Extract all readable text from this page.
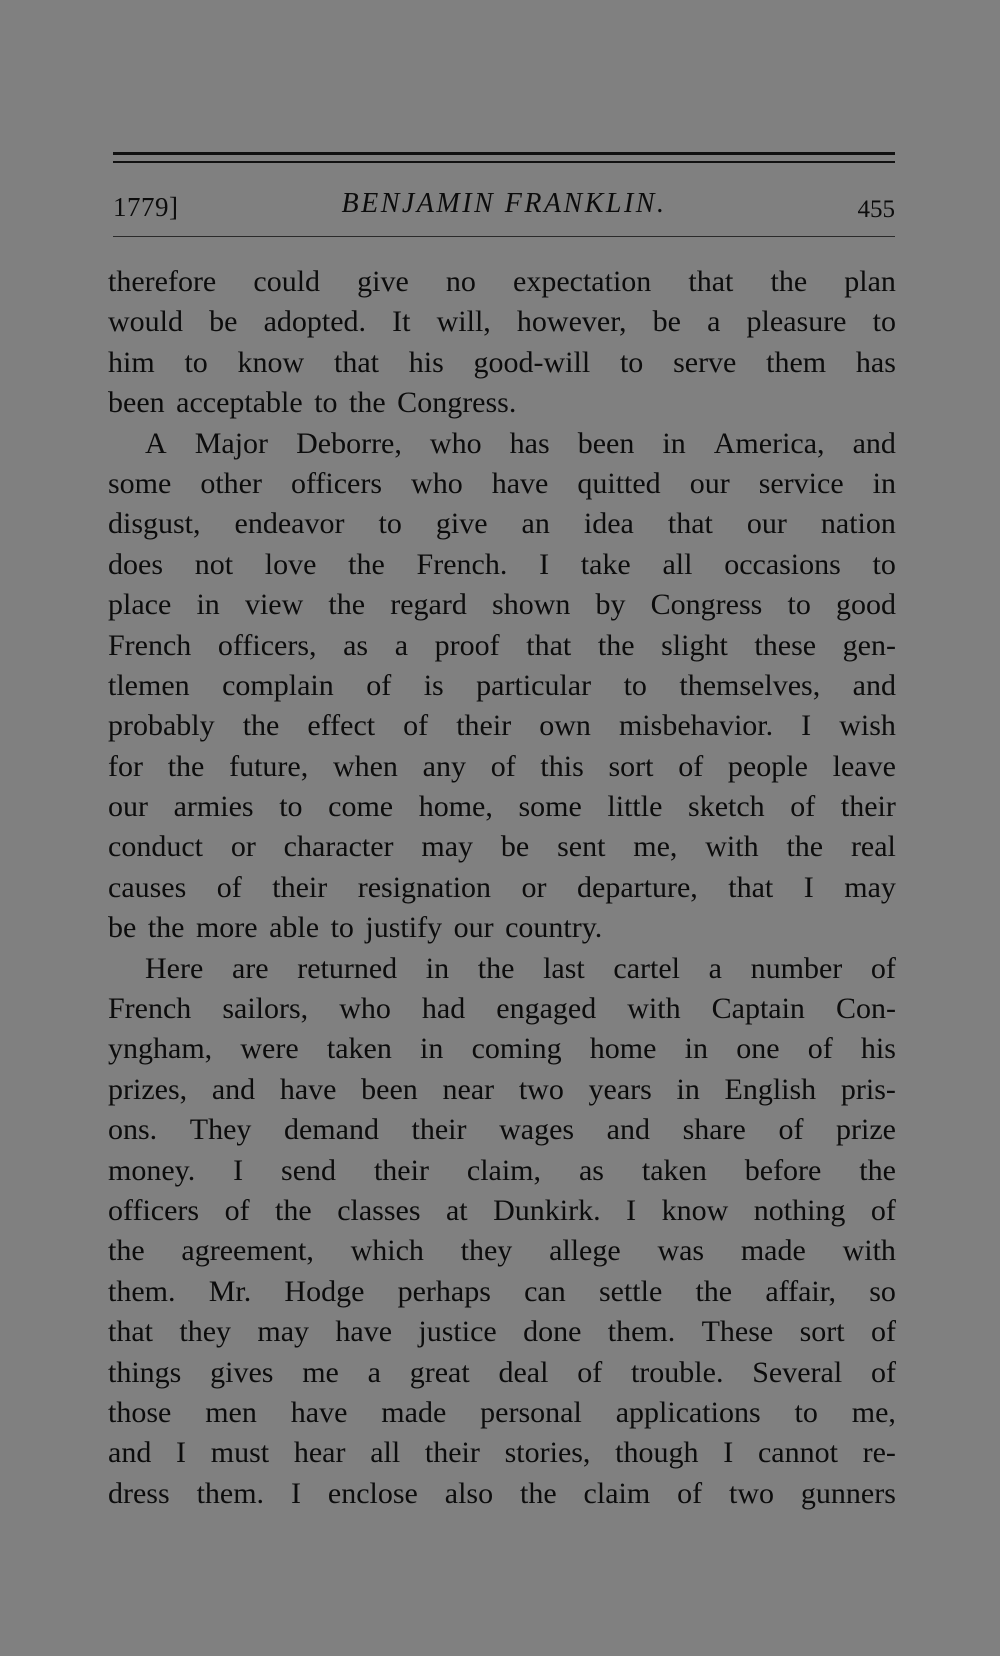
1779]	BENJAMIN FRANKLIN.	455
therefore could give no expectation that the plan
would be adopted. It will, however, be a pleasure to
him to know that his good-will to serve them has
been acceptable to the Congress.
A Major Deborre, who has been in America, and
some other officers who have quitted our service in
disgust, endeavor to give an idea that our nation
does not love the French. I take all occasions to
place in view the regard shown by Congress to good
French officers, as a proof that the slight these gen-
tlemen complain of is particular to themselves, and
probably the effect of their own misbehavior. I wish
for the future, when any of this sort of people leave
our armies to come home, some little sketch of their
conduct or character may be sent me, with the real
causes of their resignation or departure, that I may
be the more able to justify our country.
Here are returned in the last cartel a number of
French sailors, who had engaged with Captain Con-
yngham, were taken in coming home in one of his
prizes, and have been near two years in English pris-
ons. They demand their wages and share of prize
money. I send their claim, as taken before the
officers of the classes at Dunkirk. I know nothing of
the agreement, which they allege was made with
them. Mr. Hodge perhaps can settle the affair, so
that they may have justice done them. These sort of
things gives me a great deal of trouble. Several of
those men have made personal applications to me,
and I must hear all their stories, though I cannot re-
dress them. I enclose also the claim of two gunners
